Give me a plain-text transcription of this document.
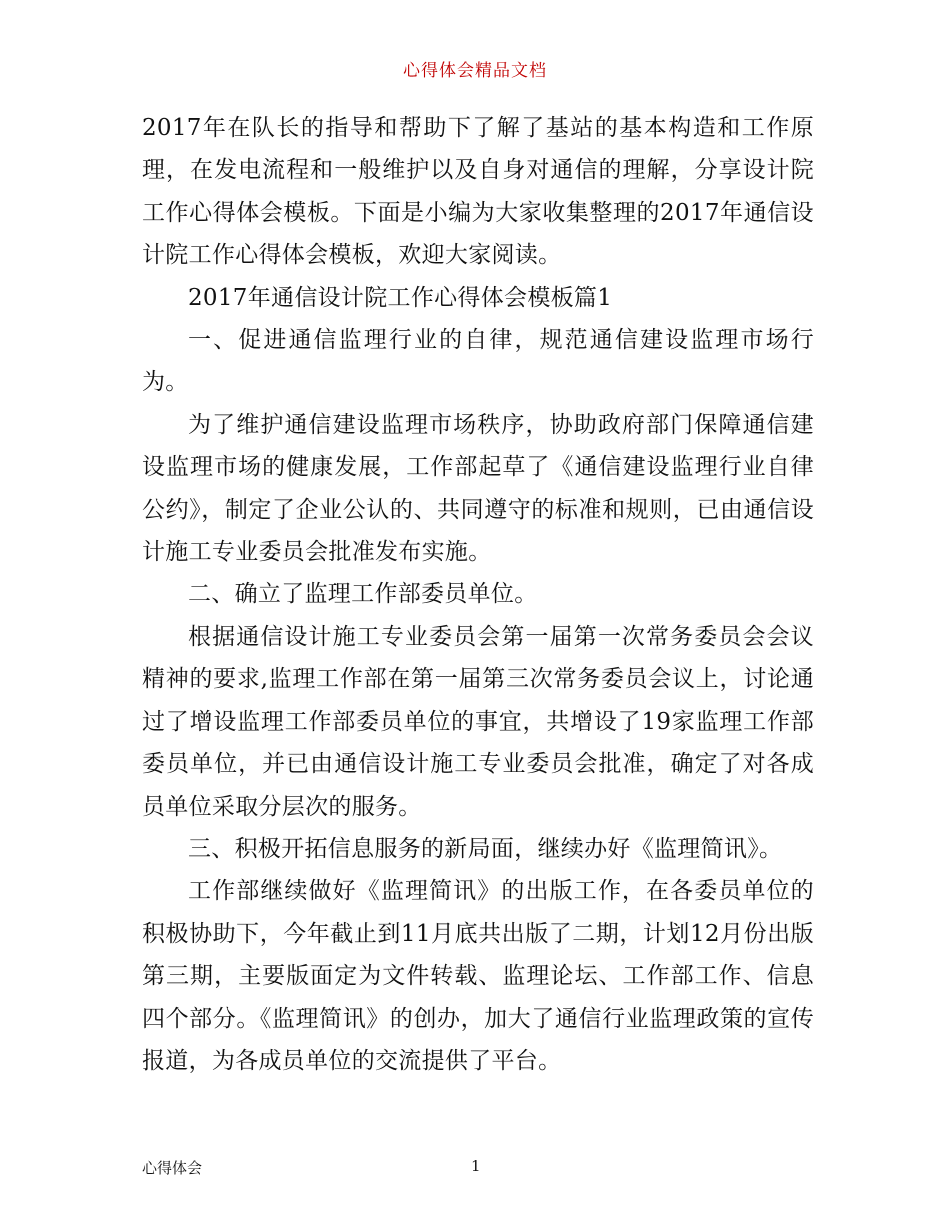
心得体会精品文档

2017年在队长的指导和帮助下了解了基站的基本构造和工作原理，在发电流程和一般维护以及自身对通信的理解，分享设计院工作心得体会模板。下面是小编为大家收集整理的2017年通信设计院工作心得体会模板，欢迎大家阅读。

2017年通信设计院工作心得体会模板篇1

一、促进通信监理行业的自律，规范通信建设监理市场行为。

为了维护通信建设监理市场秩序，协助政府部门保障通信建设监理市场的健康发展，工作部起草了《通信建设监理行业自律公约》，制定了企业公认的、共同遵守的标准和规则，已由通信设计施工专业委员会批准发布实施。

二、确立了监理工作部委员单位。

根据通信设计施工专业委员会第一届第一次常务委员会会议精神的要求,监理工作部在第一届第三次常务委员会议上，讨论通过了增设监理工作部委员单位的事宜，共增设了19家监理工作部委员单位，并已由通信设计施工专业委员会批准，确定了对各成员单位采取分层次的服务。

三、积极开拓信息服务的新局面，继续办好《监理简讯》。

工作部继续做好《监理简讯》的出版工作，在各委员单位的积极协助下，今年截止到11月底共出版了二期，计划12月份出版第三期，主要版面定为文件转载、监理论坛、工作部工作、信息四个部分。《监理简讯》的创办，加大了通信行业监理政策的宣传报道，为各成员单位的交流提供了平台。

心得体会	1
